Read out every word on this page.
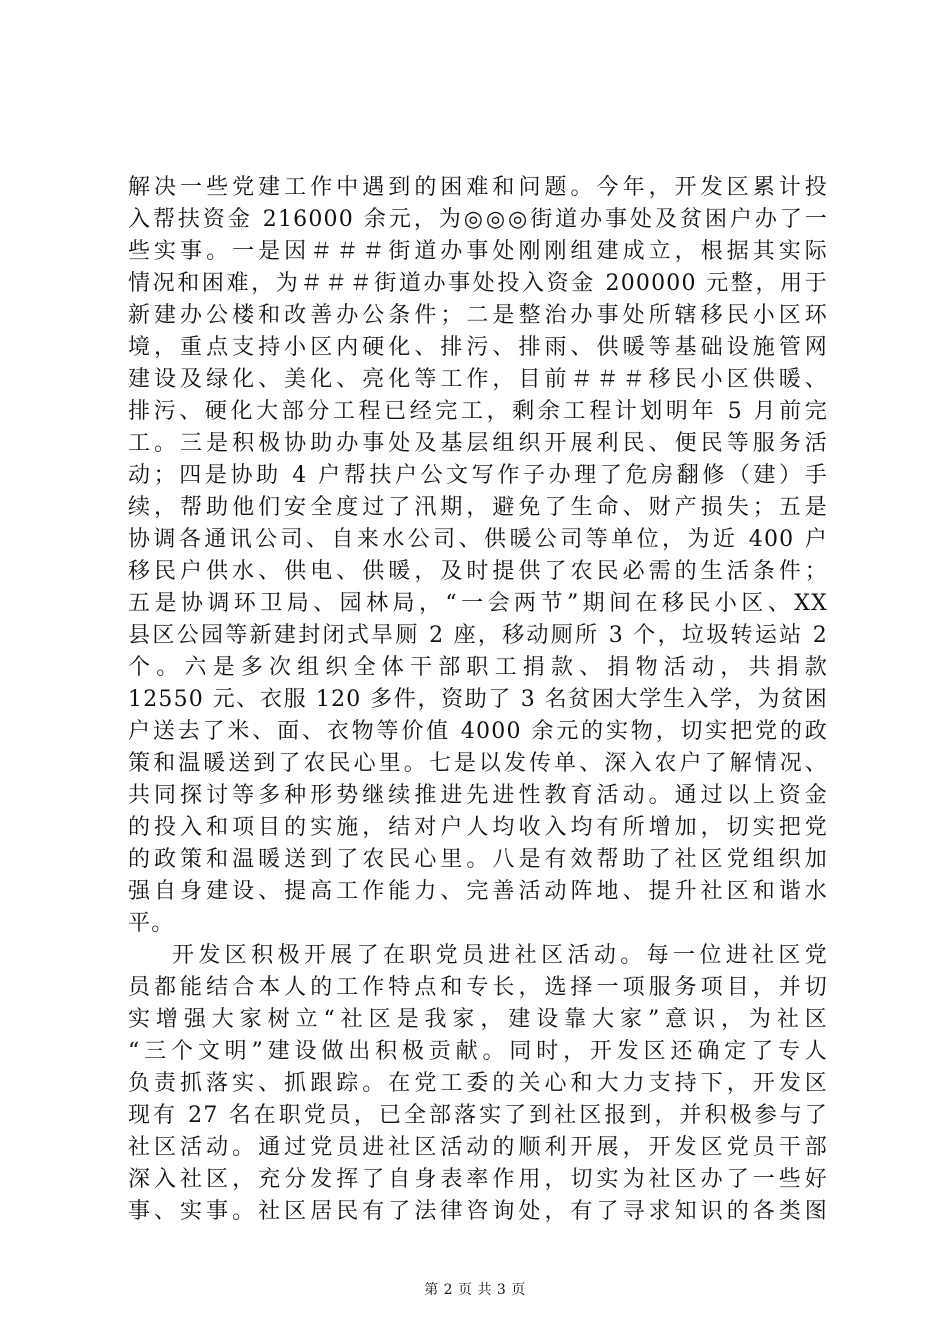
解决一些党建工作中遇到的困难和问题。今年，开发区累计投
入帮扶资金 216000 余元，为◎◎◎街道办事处及贫困户办了一
些实事。一是因＃＃＃街道办事处刚刚组建成立，根据其实际
情况和困难，为＃＃＃街道办事处投入资金 200000 元整，用于
新建办公楼和改善办公条件；二是整治办事处所辖移民小区环
境，重点支持小区内硬化、排污、排雨、供暖等基础设施管网
建设及绿化、美化、亮化等工作，目前＃＃＃移民小区供暖、
排污、硬化大部分工程已经完工，剩余工程计划明年 5 月前完
工。三是积极协助办事处及基层组织开展利民、便民等服务活
动；四是协助 4 户帮扶户公文写作子办理了危房翻修（建）手
续，帮助他们安全度过了汛期，避免了生命、财产损失；五是
协调各通讯公司、自来水公司、供暖公司等单位，为近 400 户
移民户供水、供电、供暖，及时提供了农民必需的生活条件；
五是协调环卫局、园林局，“一会两节”期间在移民小区、XX
县区公园等新建封闭式旱厕 2 座，移动厕所 3 个，垃圾转运站 2
个。六是多次组织全体干部职工捐款、捐物活动，共捐款
12550 元、衣服 120 多件，资助了 3 名贫困大学生入学，为贫困
户送去了米、面、衣物等价值 4000 余元的实物，切实把党的政
策和温暖送到了农民心里。七是以发传单、深入农户了解情况、
共同探讨等多种形势继续推进先进性教育活动。通过以上资金
的投入和项目的实施，结对户人均收入均有所增加，切实把党
的政策和温暖送到了农民心里。八是有效帮助了社区党组织加
强自身建设、提高工作能力、完善活动阵地、提升社区和谐水
平。
开发区积极开展了在职党员进社区活动。每一位进社区党
员都能结合本人的工作特点和专长，选择一项服务项目，并切
实增强大家树立“社区是我家，建设靠大家”意识，为社区
“三个文明”建设做出积极贡献。同时，开发区还确定了专人
负责抓落实、抓跟踪。在党工委的关心和大力支持下，开发区
现有 27 名在职党员，已全部落实了到社区报到，并积极参与了
社区活动。通过党员进社区活动的顺利开展，开发区党员干部
深入社区，充分发挥了自身表率作用，切实为社区办了一些好
事、实事。社区居民有了法律咨询处，有了寻求知识的各类图
第 2 页 共 3 页
